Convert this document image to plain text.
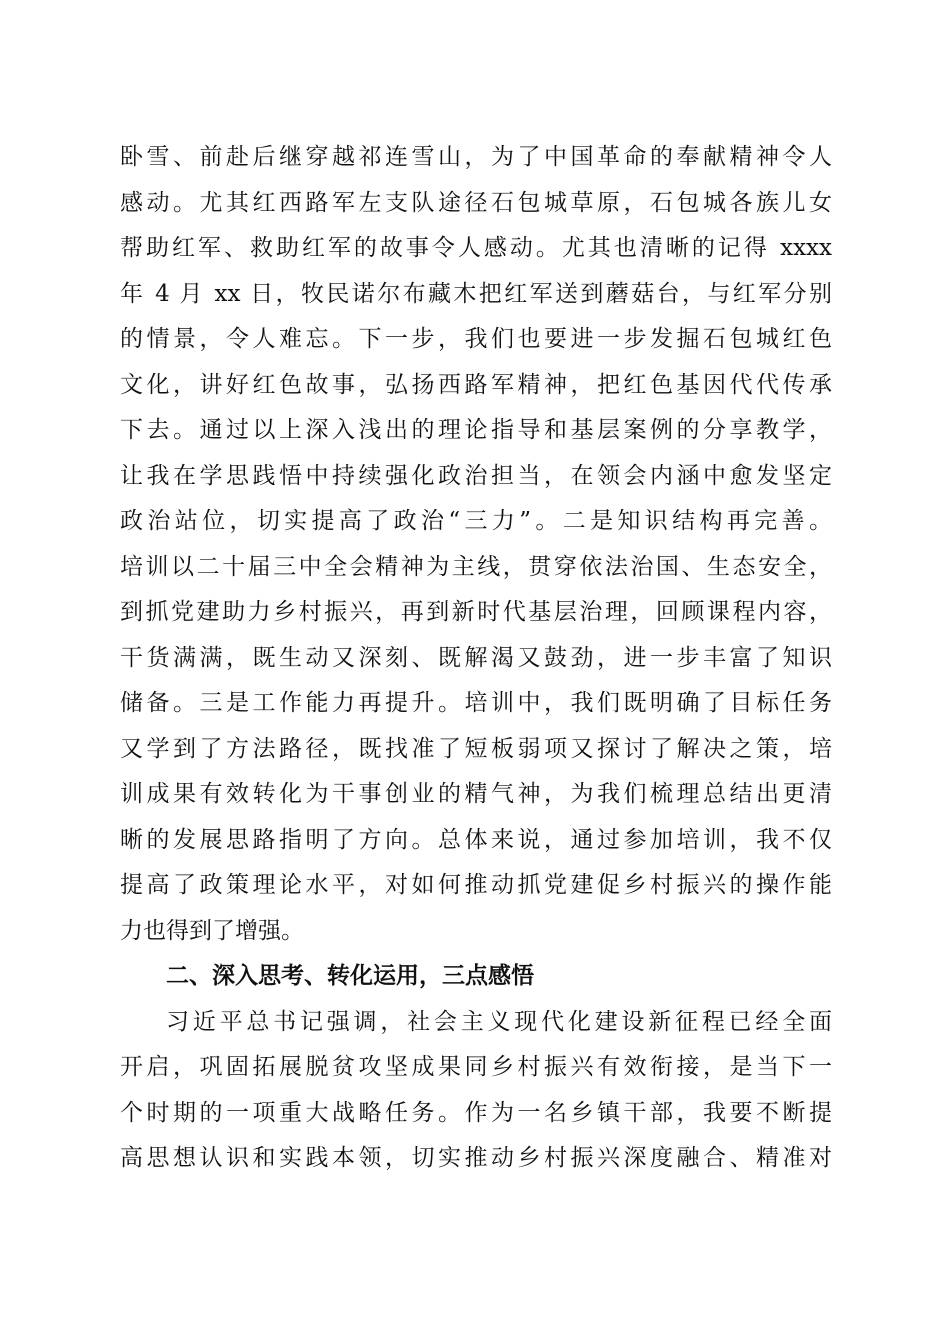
卧雪、前赴后继穿越祁连雪山，为了中国革命的奉献精神令人
感动。尤其红西路军左支队途径石包城草原，石包城各族儿女
帮助红军、救助红军的故事令人感动。尤其也清晰的记得 xxxx
年 4 月 xx 日，牧民诺尔布藏木把红军送到蘑菇台，与红军分别
的情景，令人难忘。下一步，我们也要进一步发掘石包城红色
文化，讲好红色故事，弘扬西路军精神，把红色基因代代传承
下去。通过以上深入浅出的理论指导和基层案例的分享教学，
让我在学思践悟中持续强化政治担当，在领会内涵中愈发坚定
政治站位，切实提高了政治“三力”。二是知识结构再完善。
培训以二十届三中全会精神为主线，贯穿依法治国、生态安全，
到抓党建助力乡村振兴，再到新时代基层治理，回顾课程内容，
干货满满，既生动又深刻、既解渴又鼓劲，进一步丰富了知识
储备。三是工作能力再提升。培训中，我们既明确了目标任务
又学到了方法路径，既找准了短板弱项又探讨了解决之策，培
训成果有效转化为干事创业的精气神，为我们梳理总结出更清
晰的发展思路指明了方向。总体来说，通过参加培训，我不仅
提高了政策理论水平，对如何推动抓党建促乡村振兴的操作能
力也得到了增强。
二、深入思考、转化运用，三点感悟
习近平总书记强调，社会主义现代化建设新征程已经全面
开启，巩固拓展脱贫攻坚成果同乡村振兴有效衔接，是当下一
个时期的一项重大战略任务。作为一名乡镇干部，我要不断提
高思想认识和实践本领，切实推动乡村振兴深度融合、精准对
